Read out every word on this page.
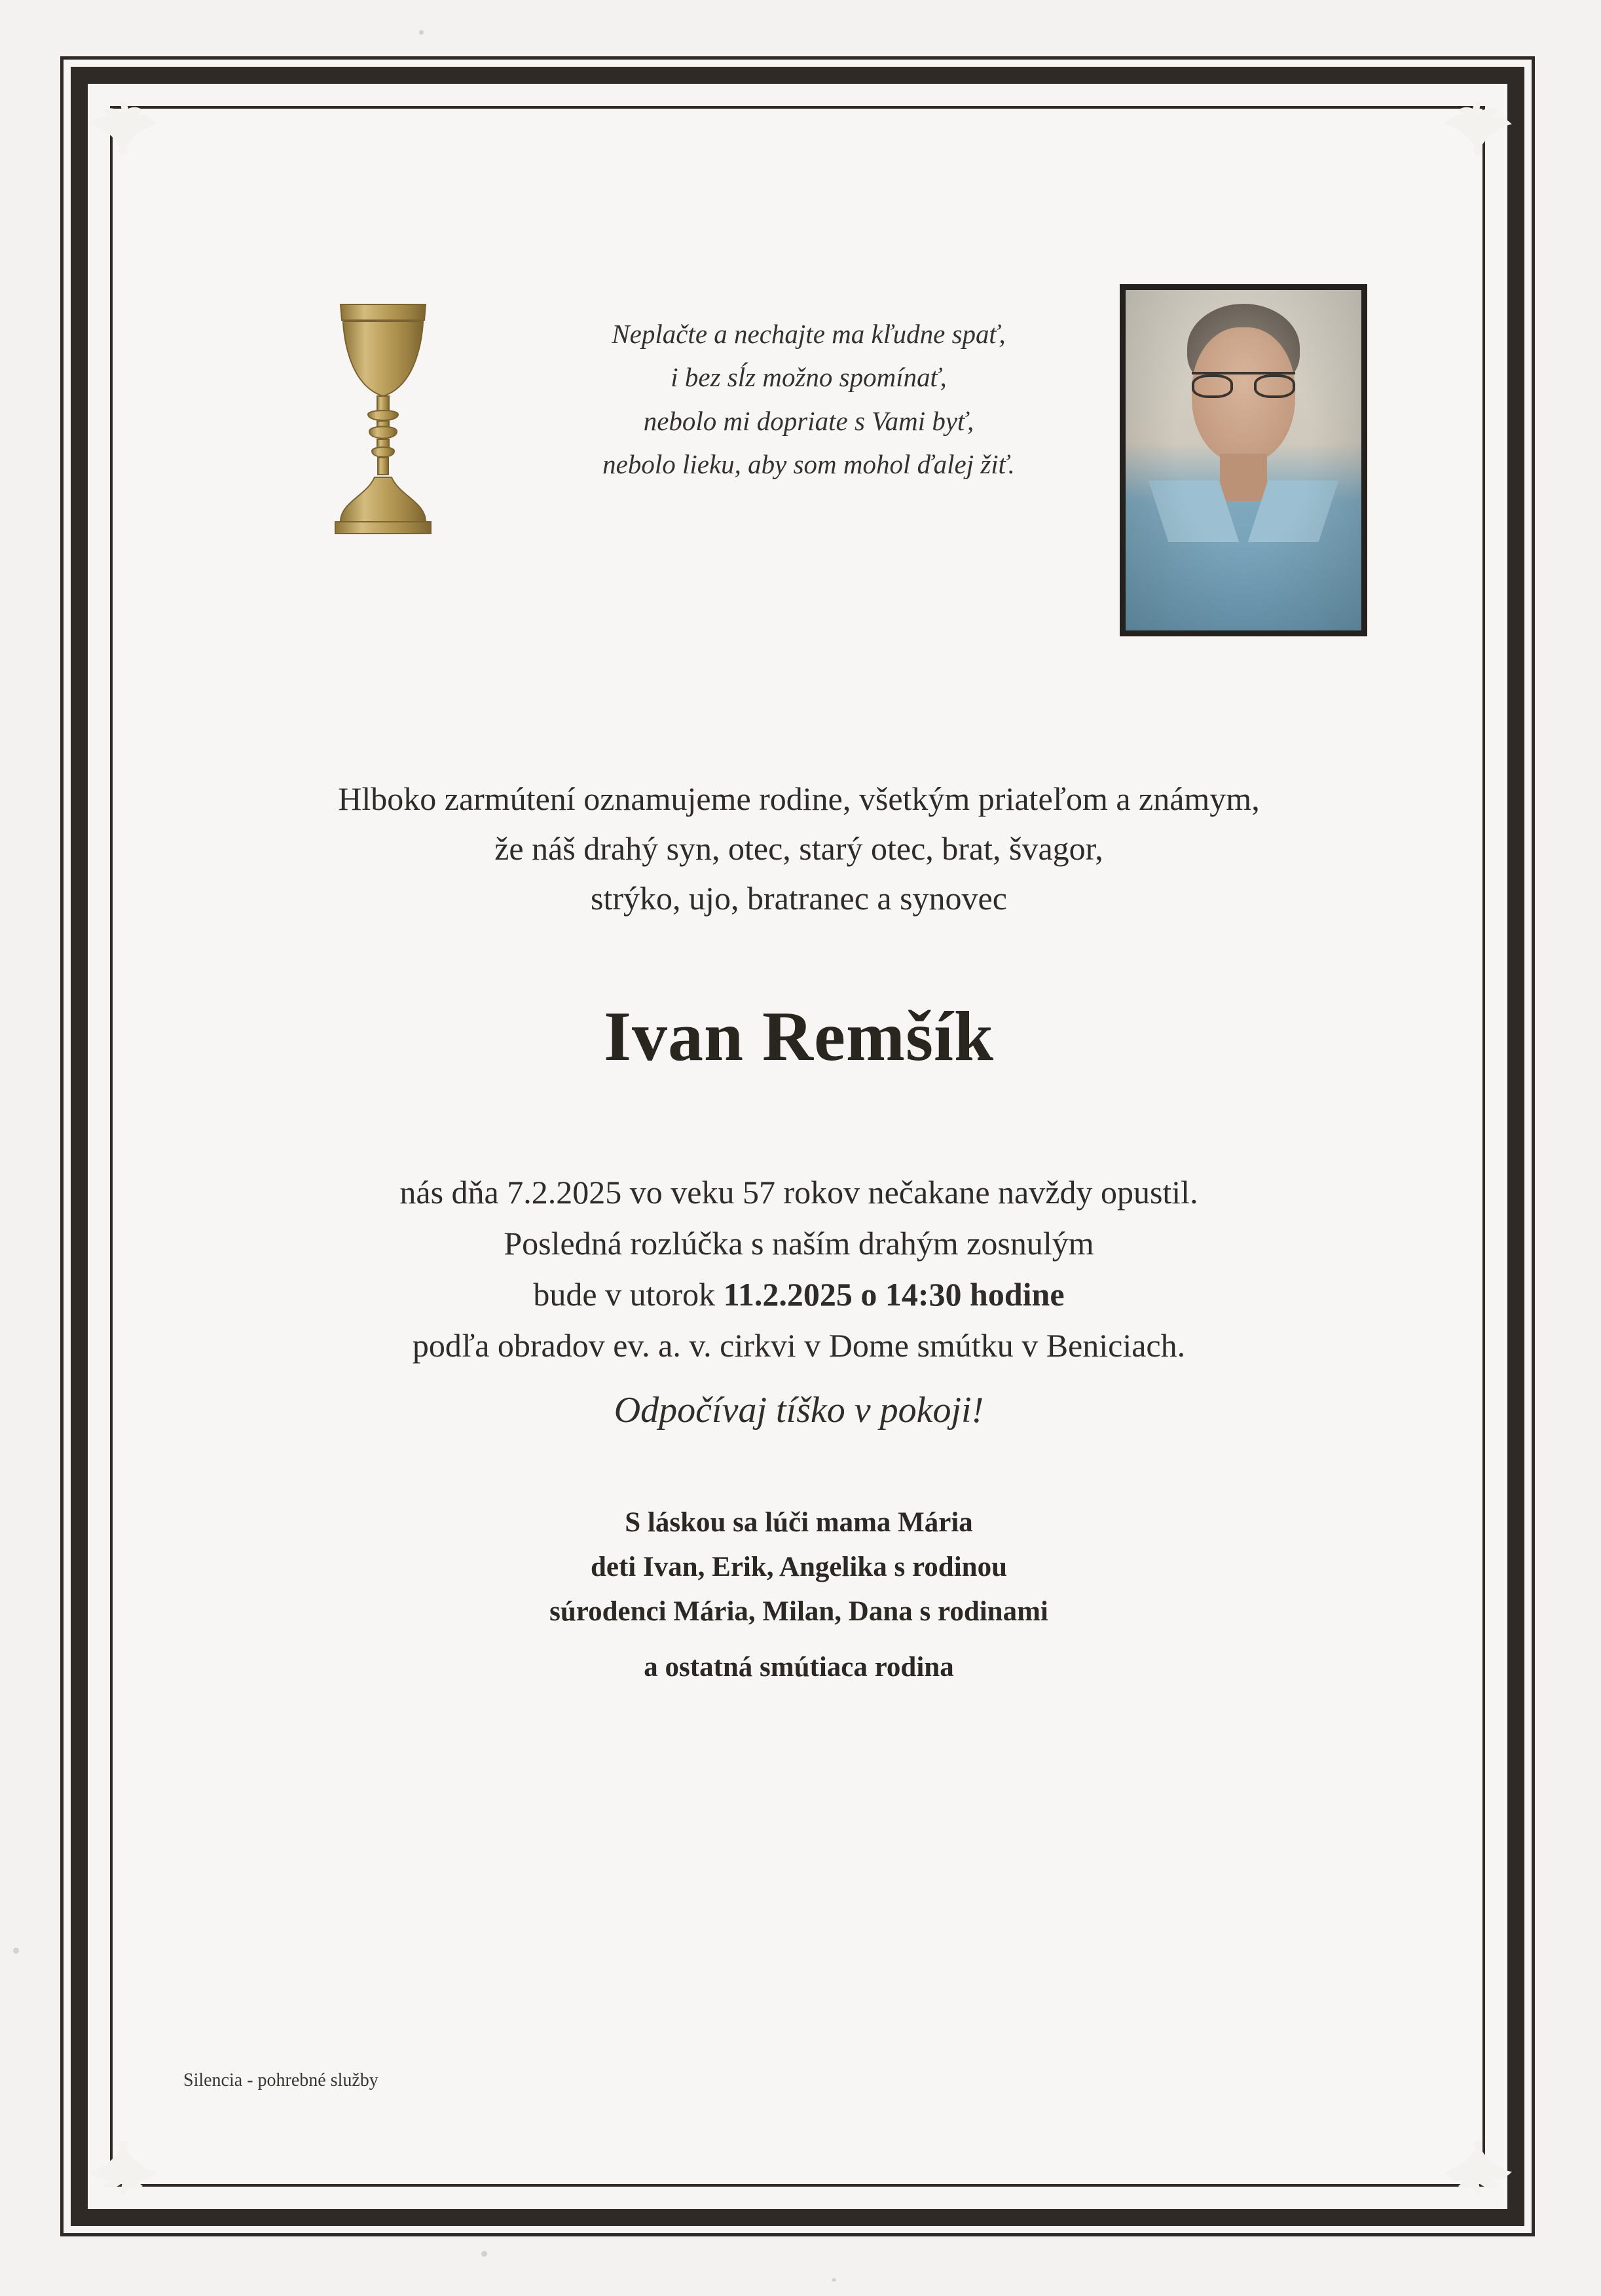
Neplačte a nechajte ma kľudne spať,
i bez sĺz možno spomínať,
nebolo mi dopriate s Vami byť,
nebolo lieku, aby som mohol ďalej žiť.
Hlboko zarmútení oznamujeme rodine, všetkým priateľom a známym,
že náš drahý syn, otec, starý otec, brat, švagor,
strýko, ujo, bratranec a synovec
Ivan Remšík
nás dňa 7.2.2025 vo veku 57 rokov nečakane navždy opustil.
Posledná rozlúčka s naším drahým zosnulým
bude v utorok 11.2.2025 o 14:30 hodine
podľa obradov ev. a. v. cirkvi v Dome smútku v Beniciach.
Odpočívaj tíško v pokoji!
S láskou sa lúči mama Mária
deti Ivan, Erik, Angelika s rodinou
súrodenci Mária, Milan, Dana s rodinami
a ostatná smútiaca rodina
Silencia - pohrebné služby
